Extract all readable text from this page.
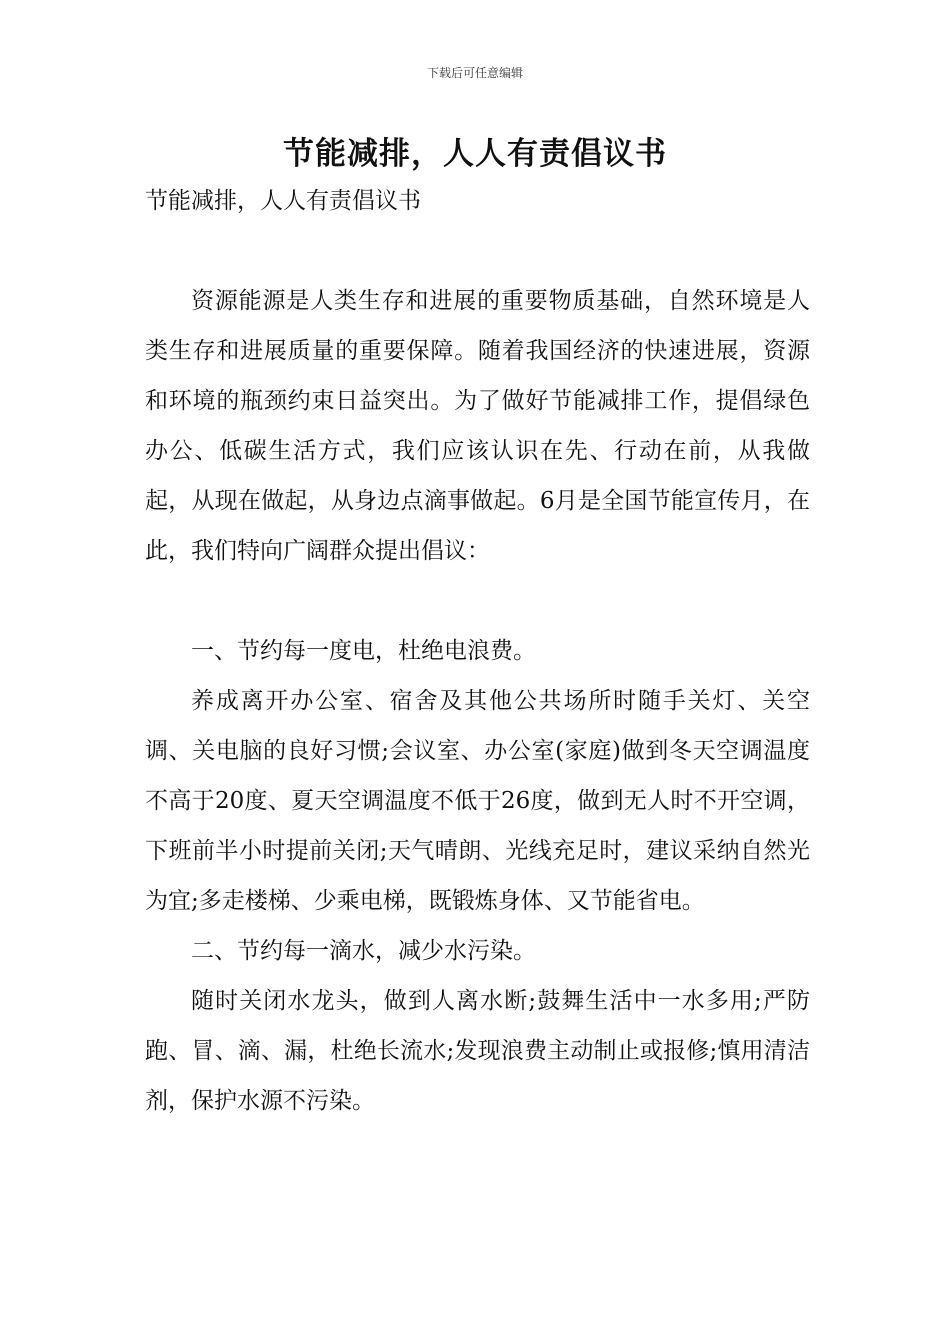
下载后可任意编辑
节能减排，人人有责倡议书
节能减排，人人有责倡议书

资源能源是人类生存和进展的重要物质基础，自然环境是人类生存和进展质量的重要保障。随着我国经济的快速进展，资源和环境的瓶颈约束日益突出。为了做好节能减排工作，提倡绿色办公、低碳生活方式，我们应该认识在先、行动在前，从我做起，从现在做起，从身边点滴事做起。6月是全国节能宣传月，在此，我们特向广阔群众提出倡议：

一、节约每一度电，杜绝电浪费。

养成离开办公室、宿舍及其他公共场所时随手关灯、关空调、关电脑的良好习惯;会议室、办公室(家庭)做到冬天空调温度不高于20度、夏天空调温度不低于26度，做到无人时不开空调，下班前半小时提前关闭;天气晴朗、光线充足时，建议采纳自然光为宜;多走楼梯、少乘电梯，既锻炼身体、又节能省电。

二、节约每一滴水，减少水污染。

随时关闭水龙头，做到人离水断;鼓舞生活中一水多用;严防跑、冒、滴、漏，杜绝长流水;发现浪费主动制止或报修;慎用清洁剂，保护水源不污染。
